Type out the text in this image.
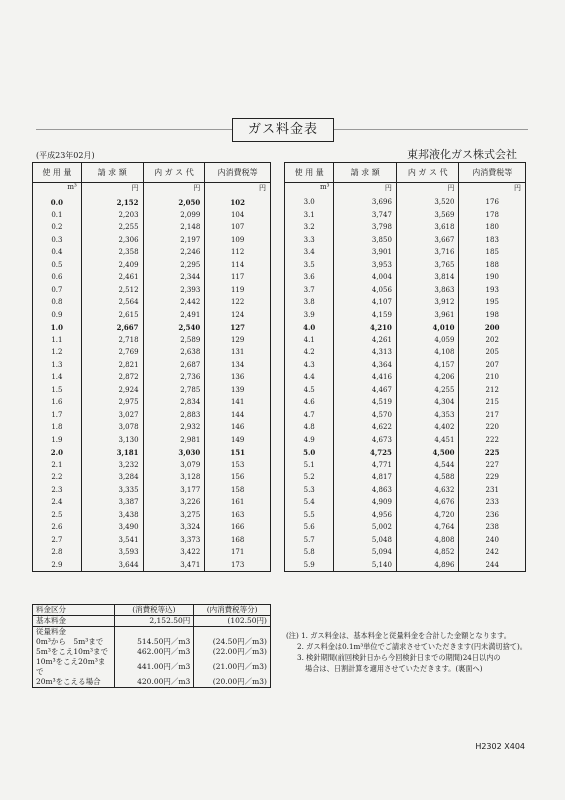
ガス料金表
(平成23年02月)	東邦液化ガス株式会社
使 用 量	請 求 額	内 ガ ス 代	内消費税等
m³	円	円	円
0.0	2,152	2,050	102
0.1	2,203	2,099	104
0.2	2,255	2,148	107
0.3	2,306	2,197	109
0.4	2,358	2,246	112
0.5	2,409	2,295	114
0.6	2,461	2,344	117
0.7	2,512	2,393	119
0.8	2,564	2,442	122
0.9	2,615	2,491	124
1.0	2,667	2,540	127
1.1	2,718	2,589	129
1.2	2,769	2,638	131
1.3	2,821	2,687	134
1.4	2,872	2,736	136
1.5	2,924	2,785	139
1.6	2,975	2,834	141
1.7	3,027	2,883	144
1.8	3,078	2,932	146
1.9	3,130	2,981	149
2.0	3,181	3,030	151
2.1	3,232	3,079	153
2.2	3,284	3,128	156
2.3	3,335	3,177	158
2.4	3,387	3,226	161
2.5	3,438	3,275	163
2.6	3,490	3,324	166
2.7	3,541	3,373	168
2.8	3,593	3,422	171
2.9	3,644	3,471	173
使 用 量	請 求 額	内 ガ ス 代	内消費税等
m³	円	円	円
3.0	3,696	3,520	176
3.1	3,747	3,569	178
3.2	3,798	3,618	180
3.3	3,850	3,667	183
3.4	3,901	3,716	185
3.5	3,953	3,765	188
3.6	4,004	3,814	190
3.7	4,056	3,863	193
3.8	4,107	3,912	195
3.9	4,159	3,961	198
4.0	4,210	4,010	200
4.1	4,261	4,059	202
4.2	4,313	4,108	205
4.3	4,364	4,157	207
4.4	4,416	4,206	210
4.5	4,467	4,255	212
4.6	4,519	4,304	215
4.7	4,570	4,353	217
4.8	4,622	4,402	220
4.9	4,673	4,451	222
5.0	4,725	4,500	225
5.1	4,771	4,544	227
5.2	4,817	4,588	229
5.3	4,863	4,632	231
5.4	4,909	4,676	233
5.5	4,956	4,720	236
5.6	5,002	4,764	238
5.7	5,048	4,808	240
5.8	5,094	4,852	242
5.9	5,140	4,896	244
料金区分	(消費税等込)	(内消費税等分)
基本料金	2,152.50円	(102.50円)
従量料金		
0m³から　5m³まで	514.50円／m3	(24.50円／m3)
5m³をこえ10m³まで	462.00円／m3	(22.00円／m3)
10m³をこえ20m³まで	441.00円／m3	(21.00円／m3)
20m³をこえる場合	420.00円／m3	(20.00円／m3)
(注) 1. ガス料金は、基本料金と従量料金を合計した金額となります。
2. ガス料金は0.1m³単位でご請求させていただきます(円未満切捨て)。
3. 検針期間(前回検針日から今回検針日までの期間)24日以内の
場合は、日割計算を適用させていただきます。(裏面へ)
H2302 X404
